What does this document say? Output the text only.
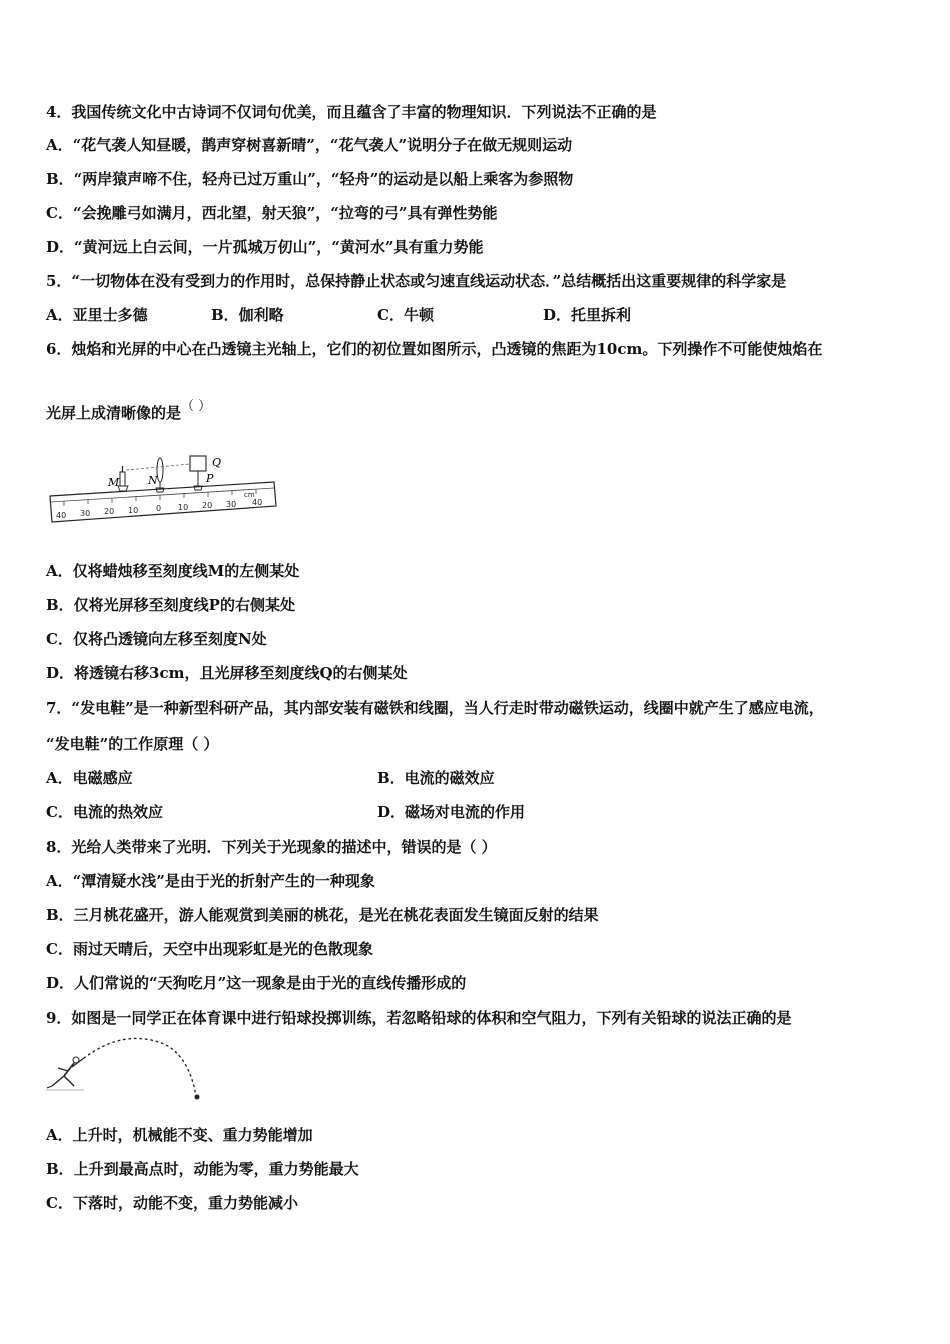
4．我国传统文化中古诗词不仅词句优美，而且蕴含了丰富的物理知识．下列说法不正确的是
A．“花气袭人知昼暖，鹊声穿树喜新晴”，“花气袭人”说明分子在做无规则运动
B．“两岸猿声啼不住，轻舟已过万重山”，“轻舟”的运动是以船上乘客为参照物
C．“会挽雕弓如满月，西北望，射天狼”，“拉弯的弓”具有弹性势能
D．“黄河远上白云间，一片孤城万仞山”，“黄河水”具有重力势能
5．“一切物体在没有受到力的作用时，总保持静止状态或匀速直线运动状态．”总结概括出这重要规律的科学家是
A．亚里士多德	B．伽利略	C．牛顿	D．托里拆利
6．烛焰和光屏的中心在凸透镜主光轴上，它们的初位置如图所示，凸透镜的焦距为10cm。下列操作不可能使烛焰在
光屏上成清晰像的是（ ）
M	N	P
Q
40 30 20 10 0 10 20 30 40
cm
A．仅将蜡烛移至刻度线M的左侧某处
B．仅将光屏移至刻度线P的右侧某处
C．仅将凸透镜向左移至刻度N处
D．将透镜右移3cm，且光屏移至刻度线Q的右侧某处
7．“发电鞋”是一种新型科研产品，其内部安装有磁铁和线圈，当人行走时带动磁铁运动，线圈中就产生了感应电流，
“发电鞋”的工作原理（ ）
A．电磁感应	B．电流的磁效应
C．电流的热效应	D．磁场对电流的作用
8．光给人类带来了光明．下列关于光现象的描述中，错误的是（ ）
A．“潭清疑水浅”是由于光的折射产生的一种现象
B．三月桃花盛开，游人能观赏到美丽的桃花，是光在桃花表面发生镜面反射的结果
C．雨过天晴后，天空中出现彩虹是光的色散现象
D．人们常说的“天狗吃月”这一现象是由于光的直线传播形成的
9．如图是一同学正在体育课中进行铅球投掷训练，若忽略铅球的体积和空气阻力，下列有关铅球的说法正确的是
A．上升时，机械能不变、重力势能增加
B．上升到最高点时，动能为零，重力势能最大
C．下落时，动能不变，重力势能减小
